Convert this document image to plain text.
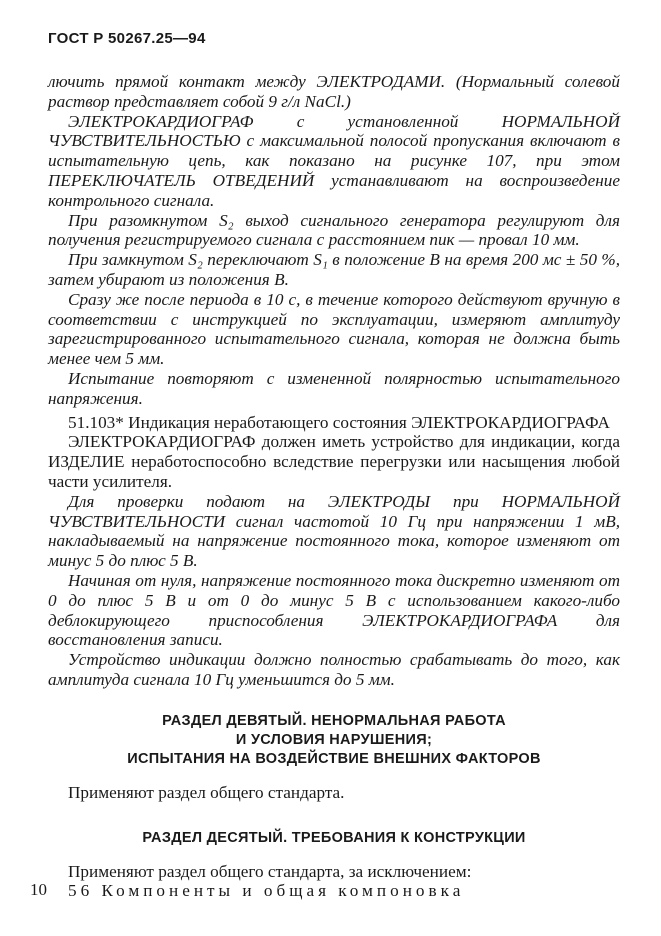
ГОСТ Р 50267.25—94

лючить прямой контакт между ЭЛЕКТРОДАМИ. (Нормальный солевой раствор представляет собой 9 г/л NaCl.)

ЭЛЕКТРОКАРДИОГРАФ с установленной НОРМАЛЬНОЙ ЧУВСТВИТЕЛЬНОСТЬЮ с максимальной полосой пропускания включают в испытательную цепь, как показано на рисунке 107, при этом ПЕРЕКЛЮЧАТЕЛЬ ОТВЕДЕНИЙ устанавливают на воспроизведение контрольного сигнала.

При разомкнутом S₂ выход сигнального генератора регулируют для получения регистрируемого сигнала с расстоянием пик — провал 10 мм.

При замкнутом S₂ переключают S₁ в положение B на время 200 мс ± 50 %, затем убирают из положения B.

Сразу же после периода в 10 с, в течение которого действуют вручную в соответствии с инструкцией по эксплуатации, измеряют амплитуду зарегистрированного испытательного сигнала, которая не должна быть менее чем 5 мм.

Испытание повторяют с измененной полярностью испытательного напряжения.

51.103* Индикация неработающего состояния ЭЛЕКТРОКАРДИОГРАФА

ЭЛЕКТРОКАРДИОГРАФ должен иметь устройство для индикации, когда ИЗДЕЛИЕ неработоспособно вследствие перегрузки или насыщения любой части усилителя.

Для проверки подают на ЭЛЕКТРОДЫ при НОРМАЛЬНОЙ ЧУВСТВИТЕЛЬНОСТИ сигнал частотой 10 Гц при напряжении 1 мВ, накладываемый на напряжение постоянного тока, которое изменяют от минус 5 до плюс 5 В.

Начиная от нуля, напряжение постоянного тока дискретно изменяют от 0 до плюс 5 В и от 0 до минус 5 В с использованием какого-либо деблокирующего приспособления ЭЛЕКТРОКАРДИОГРАФА для восстановления записи.

Устройство индикации должно полностью срабатывать до того, как амплитуда сигнала 10 Гц уменьшится до 5 мм.

РАЗДЕЛ ДЕВЯТЫЙ. НЕНОРМАЛЬНАЯ РАБОТА
И УСЛОВИЯ НАРУШЕНИЯ;
ИСПЫТАНИЯ НА ВОЗДЕЙСТВИЕ ВНЕШНИХ ФАКТОРОВ

Применяют раздел общего стандарта.

РАЗДЕЛ ДЕСЯТЫЙ. ТРЕБОВАНИЯ К КОНСТРУКЦИИ

Применяют раздел общего стандарта, за исключением:

56 Компоненты и общая компоновка

10
